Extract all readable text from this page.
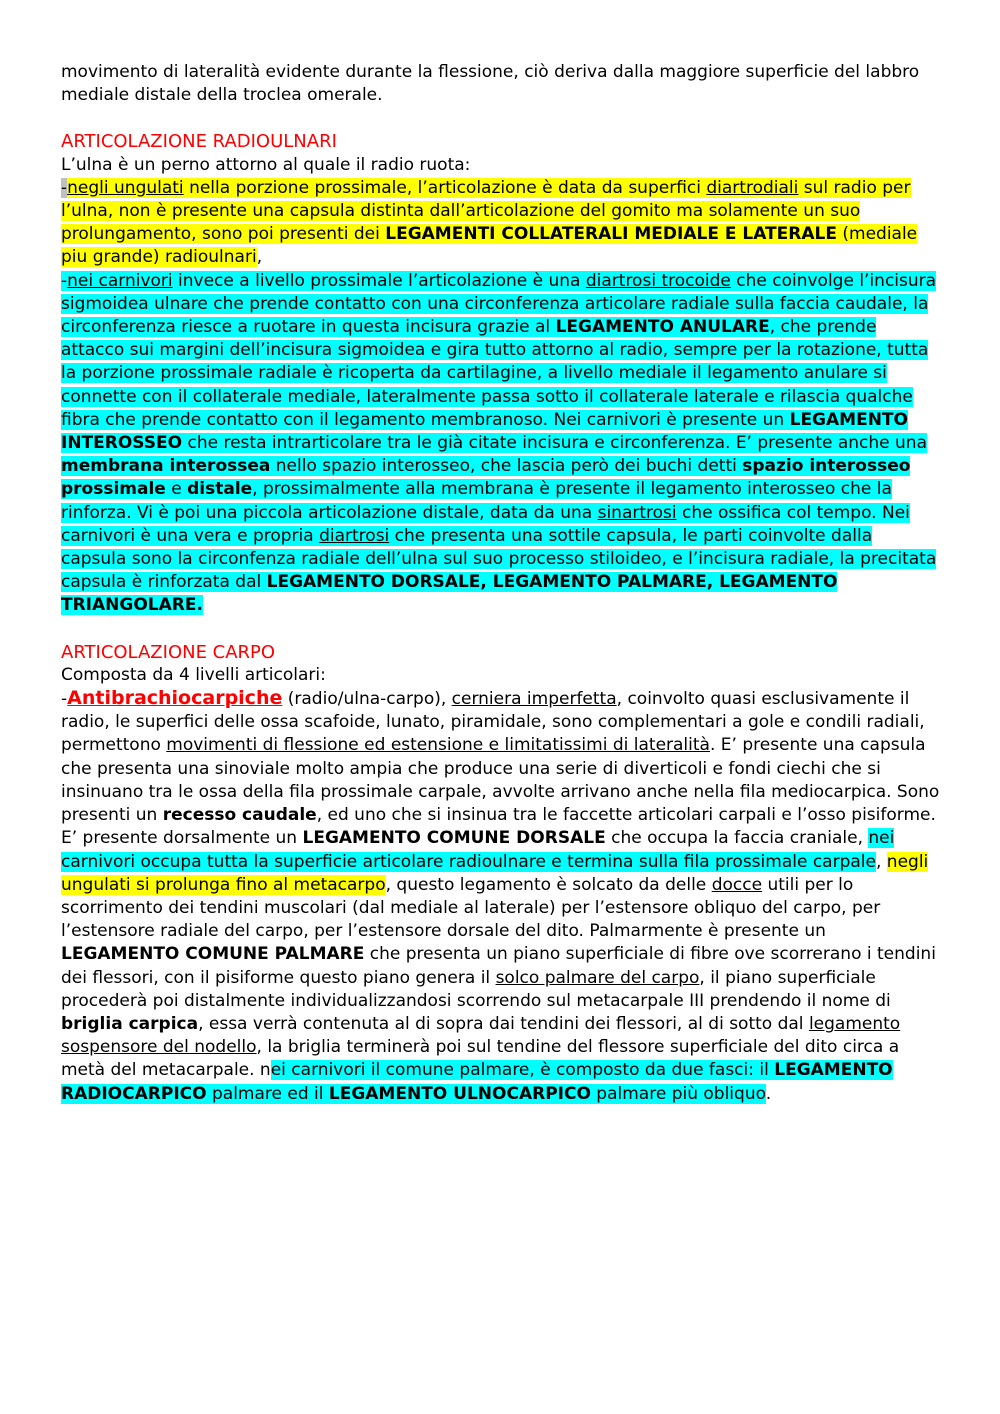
movimento di lateralità evidente durante la flessione, ciò deriva dalla maggiore superficie del labbro mediale distale della troclea omerale.

ARTICOLAZIONE RADIOULNARI

L’ulna è un perno attorno al quale il radio ruota:

-negli ungulati nella porzione prossimale, l’articolazione è data da superfici diartrodiali sul radio per l’ulna, non è presente una capsula distinta dall’articolazione del gomito ma solamente un suo prolungamento, sono poi presenti dei LEGAMENTI COLLATERALI MEDIALE E LATERALE (mediale piu grande) radioulnari,

-nei carnivori invece a livello prossimale l’articolazione è una diartrosi trocoide che coinvolge l’incisura sigmoidea ulnare che prende contatto con una circonferenza articolare radiale sulla faccia caudale, la circonferenza riesce a ruotare in questa incisura grazie al LEGAMENTO ANULARE, che prende attacco sui margini dell’incisura sigmoidea e gira tutto attorno al radio, sempre per la rotazione, tutta la porzione prossimale radiale è ricoperta da cartilagine, a livello mediale il legamento anulare si connette con il collaterale mediale, lateralmente passa sotto il collaterale laterale e rilascia qualche fibra che prende contatto con il legamento membranoso. Nei carnivori è presente un LEGAMENTO INTEROSSEO che resta intrarticolare tra le già citate incisura e circonferenza. E’ presente anche una membrana interossea nello spazio interosseo, che lascia però dei buchi detti spazio interosseo prossimale e distale, prossimalmente alla membrana è presente il legamento interosseo che la rinforza. Vi è poi una piccola articolazione distale, data da una sinartrosi che ossifica col tempo. Nei carnivori è una vera e propria diartrosi che presenta una sottile capsula, le parti coinvolte dalla capsula sono la circonfenza radiale dell’ulna sul suo processo stiloideo, e l’incisura radiale, la precitata capsula è rinforzata dal LEGAMENTO DORSALE, LEGAMENTO PALMARE, LEGAMENTO TRIANGOLARE.

ARTICOLAZIONE CARPO

Composta da 4 livelli articolari:

-Antibrachiocarpiche (radio/ulna-carpo), cerniera imperfetta, coinvolto quasi esclusivamente il radio, le superfici delle ossa scafoide, lunato, piramidale, sono complementari a gole e condili radiali, permettono movimenti di flessione ed estensione e limitatissimi di lateralità. E’ presente una capsula che presenta una sinoviale molto ampia che produce una serie di diverticoli e fondi ciechi che si insinuano tra le ossa della fila prossimale carpale, avvolte arrivano anche nella fila mediocarpica. Sono presenti un recesso caudale, ed uno che si insinua tra le faccette articolari carpali e l’osso pisiforme. E’ presente dorsalmente un LEGAMENTO COMUNE DORSALE che occupa la faccia craniale, nei carnivori occupa tutta la superficie articolare radioulnare e termina sulla fila prossimale carpale, negli ungulati si prolunga fino al metacarpo, questo legamento è solcato da delle docce utili per lo scorrimento dei tendini muscolari (dal mediale al laterale) per l’estensore obliquo del carpo, per l’estensore radiale del carpo, per l’estensore dorsale del dito. Palmarmente è presente un LEGAMENTO COMUNE PALMARE che presenta un piano superficiale di fibre ove scorrerano i tendini dei flessori, con il pisiforme questo piano genera il solco palmare del carpo, il piano superficiale procederà poi distalmente individualizzandosi scorrendo sul metacarpale III prendendo il nome di briglia carpica, essa verrà contenuta al di sopra dai tendini dei flessori, al di sotto dal legamento sospensore del nodello, la briglia terminerà poi sul tendine del flessore superficiale del dito circa a metà del metacarpale. nei carnivori il comune palmare, è composto da due fasci: il LEGAMENTO RADIOCARPICO palmare ed il LEGAMENTO ULNOCARPICO palmare più obliquo.
